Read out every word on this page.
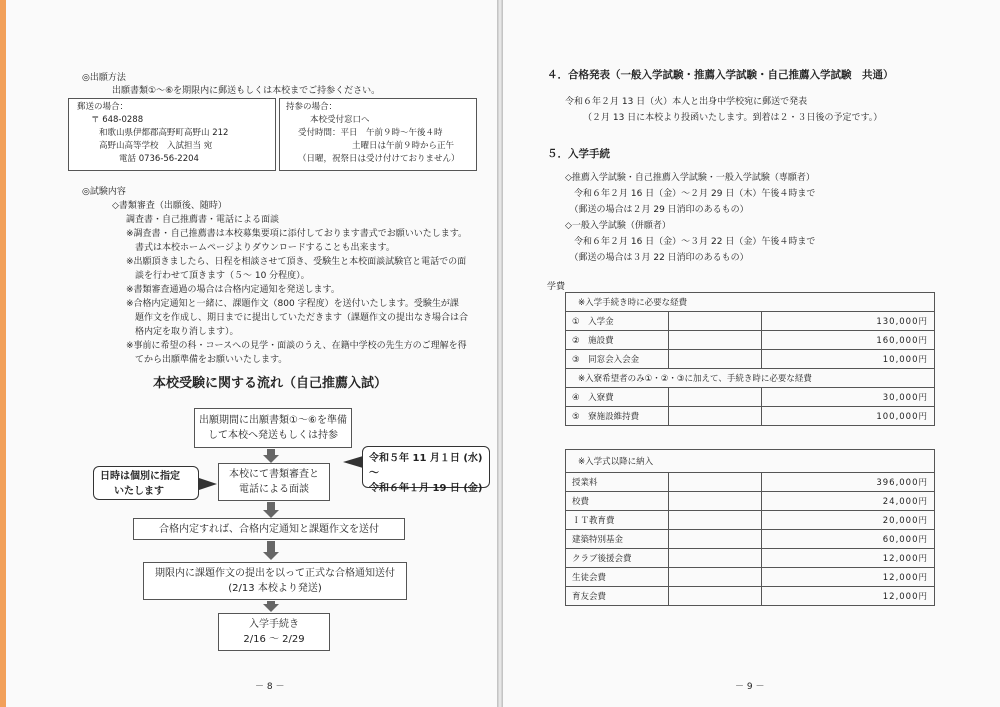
◎出願方法
出願書類①～⑥を期限内に郵送もしくは本校までご持参ください。
郵送の場合：
〒 648-0288
和歌山県伊都郡高野町高野山 212
高野山高等学校　入試担当 宛
電話 0736-56-2204
持参の場合：
本校受付窓口へ
受付時間：平日　午前９時～午後４時
土曜日は午前９時から正午
（日曜，祝祭日は受け付けておりません）
◎試験内容
◇書類審査（出願後、随時）
調査書・自己推薦書・電話による面談
※調査書 ･ 自己推薦書は本校募集要項に添付しております書式でお願いいたします。
　書式は本校ホームページよりダウンロードすることも出来ます。
※出願頂きましたら、日程を相談させて頂き、受験生と本校面談試験官と電話での面
　談を行わせて頂きます（５～ 10 分程度）。
※書類審査通過の場合は合格内定通知を発送します。
※合格内定通知と一緒に、課題作文（800 字程度）を送付いたします。受験生が課
　題作文を作成し、期日までに提出していただきます（課題作文の提出なき場合は合
　格内定を取り消します）。
※事前に希望の科・コースへの見学・面談のうえ、在籍中学校の先生方のご理解を得
　てから出願準備をお願いいたします。
本校受験に関する流れ（自己推薦入試）
出願期間に出願書類①～⑥を準備
して本校へ発送もしくは持参
本校にて書類審査と
電話による面談
日時は個別に指定
いたします
令和５年 11 月１日 (水) ～
令和６年１月 19 日 (金)
合格内定すれば、合格内定通知と課題作文を送付
期限内に課題作文の提出を以って正式な合格通知送付
(2/13 本校より発送)
入学手続き
2/16 ～ 2/29
－ 8 －
４．合格発表（一般入学試験・推薦入学試験・自己推薦入学試験　共通）
令和６年２月 13 日（火）本人と出身中学校宛に郵送で発表
（２月 13 日に本校より投函いたします。到着は２・３日後の予定です。）
５．入学手続
◇推薦入学試験・自己推薦入学試験・一般入学試験（専願者）
　令和６年２月 16 日（金）～２月 29 日（木）午後４時まで
　（郵送の場合は２月 29 日消印のあるもの）
◇一般入学試験（併願者）
　令和６年２月 16 日（金）～３月 22 日（金）午後４時まで
　（郵送の場合は３月 22 日消印のあるもの）
学費
※入学手続き時に必要な経費		
①　 入学金		130,000円
②　 施設費		160,000円
③　 同窓会入会金		10,000円
※入寮希望者のみ①・②・③に加えて、手続き時に必要な経費		
④　 入寮費		30,000円
⑤　 寮施設維持費		100,000円
※入学式以降に納入		
授業料		396,000円
校費		24,000円
ＩＴ教育費		20,000円
建築特別基金		60,000円
クラブ後援会費		12,000円
生徒会費		12,000円
育友会費		12,000円
－ 9 －
